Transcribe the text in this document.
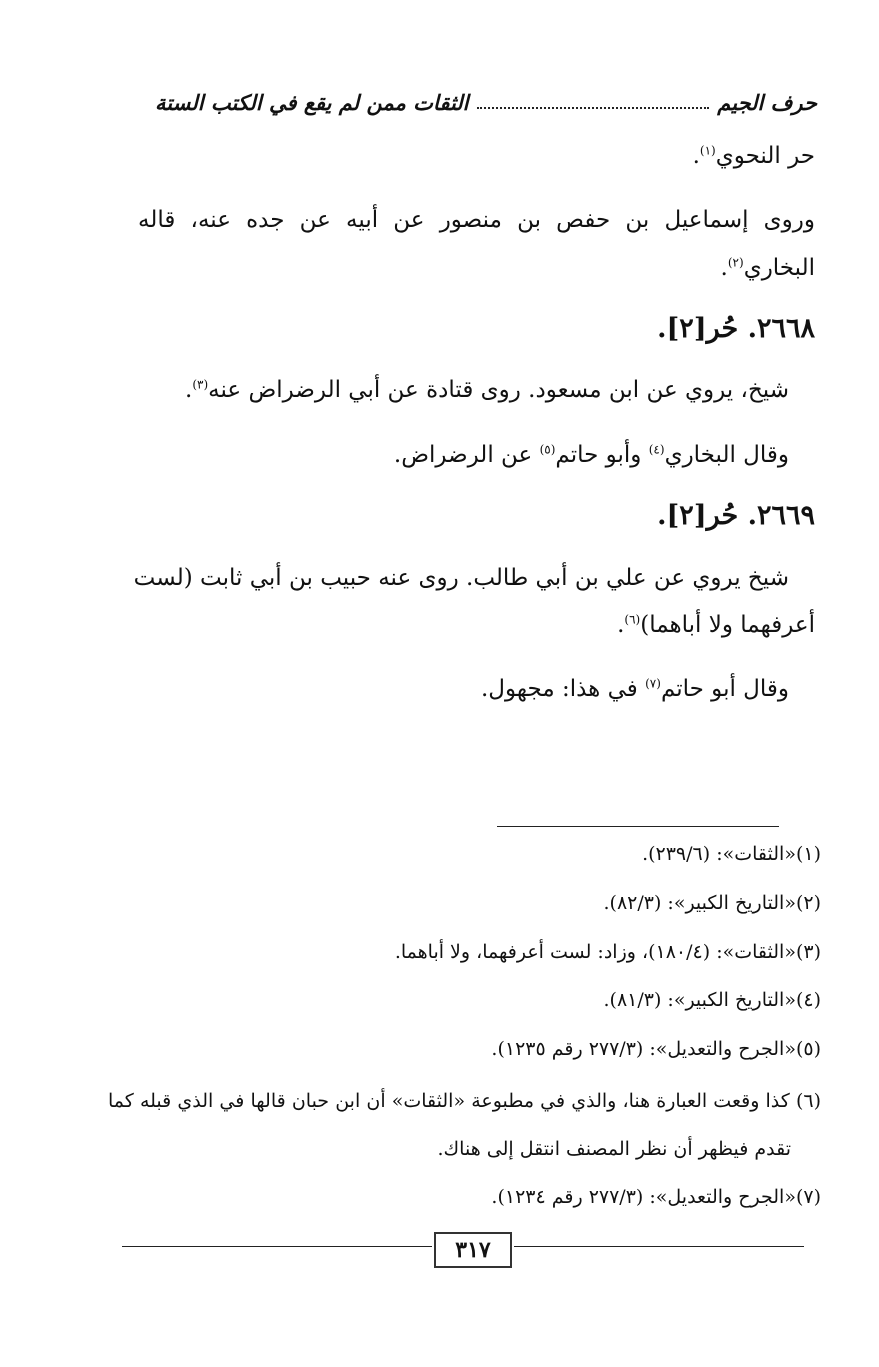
حرف الجيم
الثقات ممن لم يقع في الكتب الستة
حر النحوي$^{(١)}$.
وروى إسماعيل بن حفص بن منصور عن أبيه عن جده عنه، قاله
البخاري$^{(٢)}$.
٢٦٦٨. حُر[٢].
شيخ، يروي عن ابن مسعود. روى قتادة عن أبي الرضراض عنه$^{(٣)}$.
وقال البخاري$^{(٤)}$ وأبو حاتم$^{(٥)}$ عن الرضراض.
٢٦٦٩. حُر[٢].
شيخ يروي عن علي بن أبي طالب. روى عنه حبيب بن أبي ثابت (لست
أعرفهما ولا أباهما)$^{(٦)}$.
وقال أبو حاتم$^{(٧)}$ في هذا: مجهول.
(١)«الثقات»: (٢٣٩/٦).
(٢)«التاريخ الكبير»: (٨٢/٣).
(٣)«الثقات»: (١٨٠/٤)، وزاد: لست أعرفهما، ولا أباهما.
(٤)«التاريخ الكبير»: (٨١/٣).
(٥)«الجرح والتعديل»: (٢٧٧/٣ رقم ١٢٣٥).
(٦) كذا وقعت العبارة هنا، والذي في مطبوعة «الثقات» أن ابن حبان قالها في الذي قبله كما
تقدم فيظهر أن نظر المصنف انتقل إلى هناك.
(٧)«الجرح والتعديل»: (٢٧٧/٣ رقم ١٢٣٤).
٣١٧
